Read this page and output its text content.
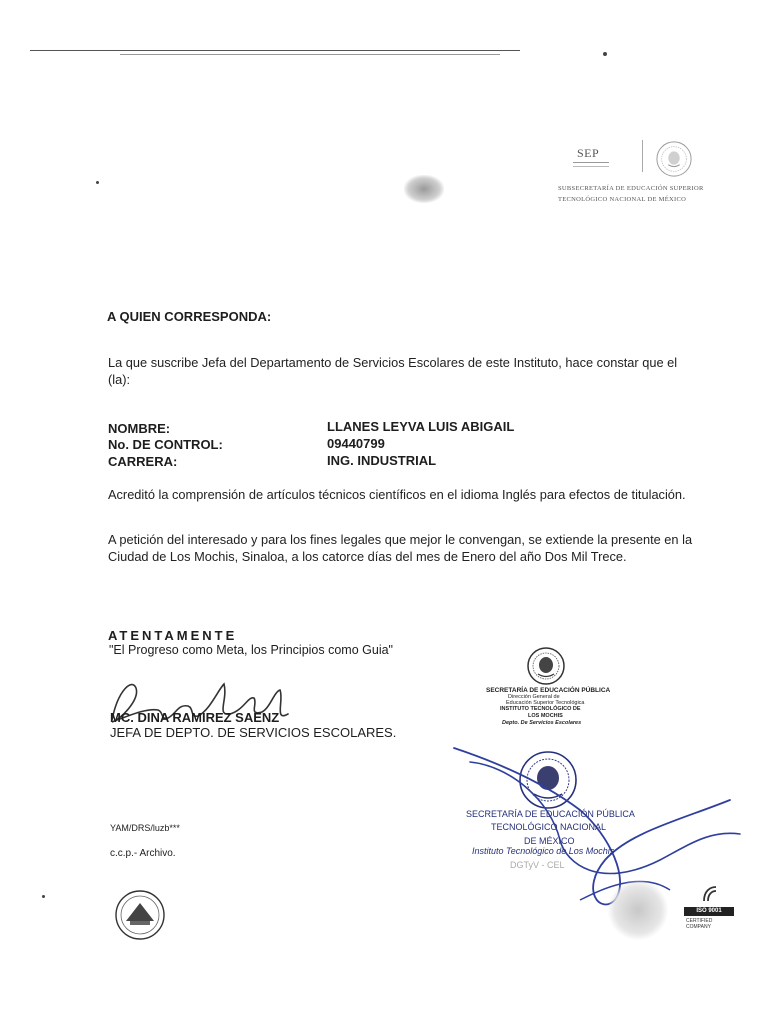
SEP
SUBSECRETARÍA DE EDUCACIÓN SUPERIOR
TECNOLÓGICO NACIONAL DE MÉXICO
A QUIEN CORRESPONDA:
La que suscribe Jefa del Departamento de Servicios Escolares de este Instituto, hace constar que el (la):
NOMBRE:	LLANES LEYVA LUIS ABIGAIL
No. DE CONTROL:	09440799
CARRERA:	ING. INDUSTRIAL
Acreditó la comprensión de artículos técnicos científicos en el idioma Inglés para efectos de titulación.
A petición del interesado y para los fines legales que mejor le convengan, se extiende la presente en la Ciudad de Los Mochis, Sinaloa, a los catorce días del mes de Enero del año Dos Mil Trece.
ATENTAMENTE
"El Progreso como Meta, los Principios como Guia"
MC. DINA RAMIREZ SAENZ
JEFA DE DEPTO. DE SERVICIOS ESCOLARES.
YAM/DRS/luzb***
c.c.p.- Archivo.
SECRETARÍA DE EDUCACIÓN PÚBLICA
Dirección General de
Educación Superior Tecnológica
INSTITUTO TECNOLÓGICO DE
LOS MOCHIS
Depto. De Servicios Escolares
SECRETARÍA DE EDUCACIÓN PÚBLICA
TECNOLÓGICO NACIONAL
DE MÉXICO
Instituto Tecnológico de Los Mochis
DGTyV - CEL
ISO 9001
CERTIFIED
COMPANY
